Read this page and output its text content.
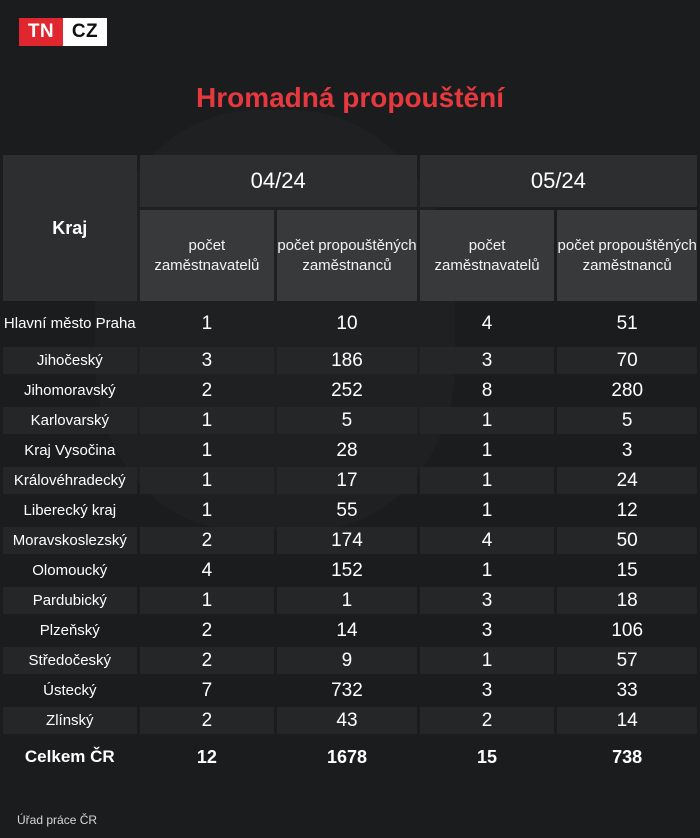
TN CZ
Hromadná propouštění
Kraj	04/24		05/24	
	počet zaměstnavatelů	počet propouštěných zaměstnanců	počet zaměstnavatelů	počet propouštěných zaměstnanců
Hlavní město Praha	1	10	4	51
Jihočeský	3	186	3	70
Jihomoravský	2	252	8	280
Karlovarský	1	5	1	5
Kraj Vysočina	1	28	1	3
Královéhradecký	1	17	1	24
Liberecký kraj	1	55	1	12
Moravskoslezský	2	174	4	50
Olomoucký	4	152	1	15
Pardubický	1	1	3	18
Plzeňský	2	14	3	106
Středočeský	2	9	1	57
Ústecký	7	732	3	33
Zlínský	2	43	2	14
Celkem ČR	12	1678	15	738
Úřad práce ČR
